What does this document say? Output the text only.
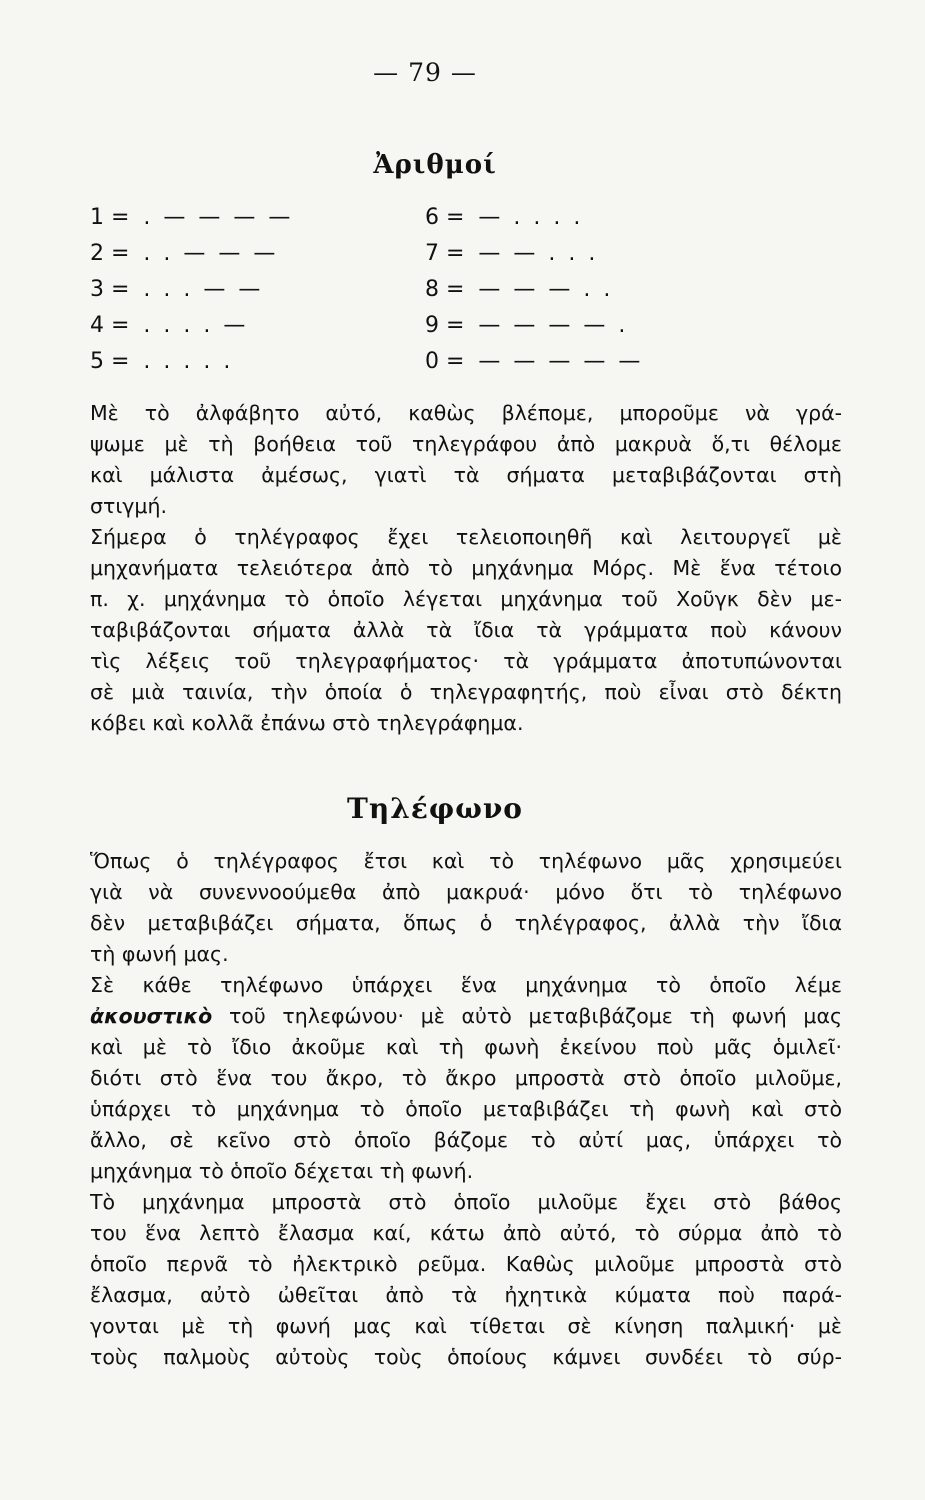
— 79 —
Ἀριθμοί
1 =  . — — — —
2 =  . . — — —
3 =  . . . — —
4 =  . . . . —
5 =  . . . . .
6 =  — . . . .
7 =  — — . . .
8 =  — — — . .
9 =  — — — — .
0 =  — — — — —

Μὲ τὸ ἀλφάβητο αὐτό, καθὼς βλέπομε, μποροῦμε νὰ γρά-
ψωμε μὲ τὴ βοήθεια τοῦ τηλεγράφου ἀπὸ μακρυὰ ὅ,τι θέλομε
καὶ μάλιστα ἀμέσως, γιατὶ τὰ σήματα μεταβιβάζονται στὴ
στιγμή.

Σήμερα ὁ τηλέγραφος ἔχει τελειοποιηθῆ καὶ λειτουργεῖ μὲ
μηχανήματα τελειότερα ἀπὸ τὸ μηχάνημα Μόρς. Μὲ ἕνα τέτοιο
π. χ. μηχάνημα τὸ ὁποῖο λέγεται μηχάνημα τοῦ Χοῦγκ δὲν με-
ταβιβάζονται σήματα ἀλλὰ τὰ ἴδια τὰ γράμματα ποὺ κάνουν
τὶς λέξεις τοῦ τηλεγραφήματος· τὰ γράμματα ἀποτυπώνονται
σὲ μιὰ ταινία, τὴν ὁποία ὁ τηλεγραφητής, ποὺ εἶναι στὸ δέκτη
κόβει καὶ κολλᾶ ἐπάνω στὸ τηλεγράφημα.

Τηλέφωνο

Ὅπως ὁ τηλέγραφος ἔτσι καὶ τὸ τηλέφωνο μᾶς χρησιμεύει
γιὰ νὰ συνεννοούμεθα ἀπὸ μακρυά· μόνο ὅτι τὸ τηλέφωνο
δὲν μεταβιβάζει σήματα, ὅπως ὁ τηλέγραφος, ἀλλὰ τὴν ἴδια
τὴ φωνή μας.

Σὲ κάθε τηλέφωνο ὑπάρχει ἕνα μηχάνημα τὸ ὁποῖο λέμε
ἀκουστικὸ τοῦ τηλεφώνου· μὲ αὐτὸ μεταβιβάζομε τὴ φωνή μας
καὶ μὲ τὸ ἴδιο ἀκοῦμε καὶ τὴ φωνὴ ἐκείνου ποὺ μᾶς ὁμιλεῖ·
διότι στὸ ἕνα του ἄκρο, τὸ ἄκρο μπροστὰ στὸ ὁποῖο μιλοῦμε,
ὑπάρχει τὸ μηχάνημα τὸ ὁποῖο μεταβιβάζει τὴ φωνὴ καὶ στὸ
ἄλλο, σὲ κεῖνο στὸ ὁποῖο βάζομε τὸ αὐτί μας, ὑπάρχει τὸ
μηχάνημα τὸ ὁποῖο δέχεται τὴ φωνή.

Τὸ μηχάνημα μπροστὰ στὸ ὁποῖο μιλοῦμε ἔχει στὸ βάθος
του ἕνα λεπτὸ ἔλασμα καί, κάτω ἀπὸ αὐτό, τὸ σύρμα ἀπὸ τὸ
ὁποῖο περνᾶ τὸ ἠλεκτρικὸ ρεῦμα. Καθὼς μιλοῦμε μπροστὰ στὸ
ἔλασμα, αὐτὸ ὠθεῖται ἀπὸ τὰ ἠχητικὰ κύματα ποὺ παρά-
γονται μὲ τὴ φωνή μας καὶ τίθεται σὲ κίνηση παλμική· μὲ
τοὺς παλμοὺς αὐτοὺς τοὺς ὁποίους κάμνει συνδέει τὸ σύρ-
